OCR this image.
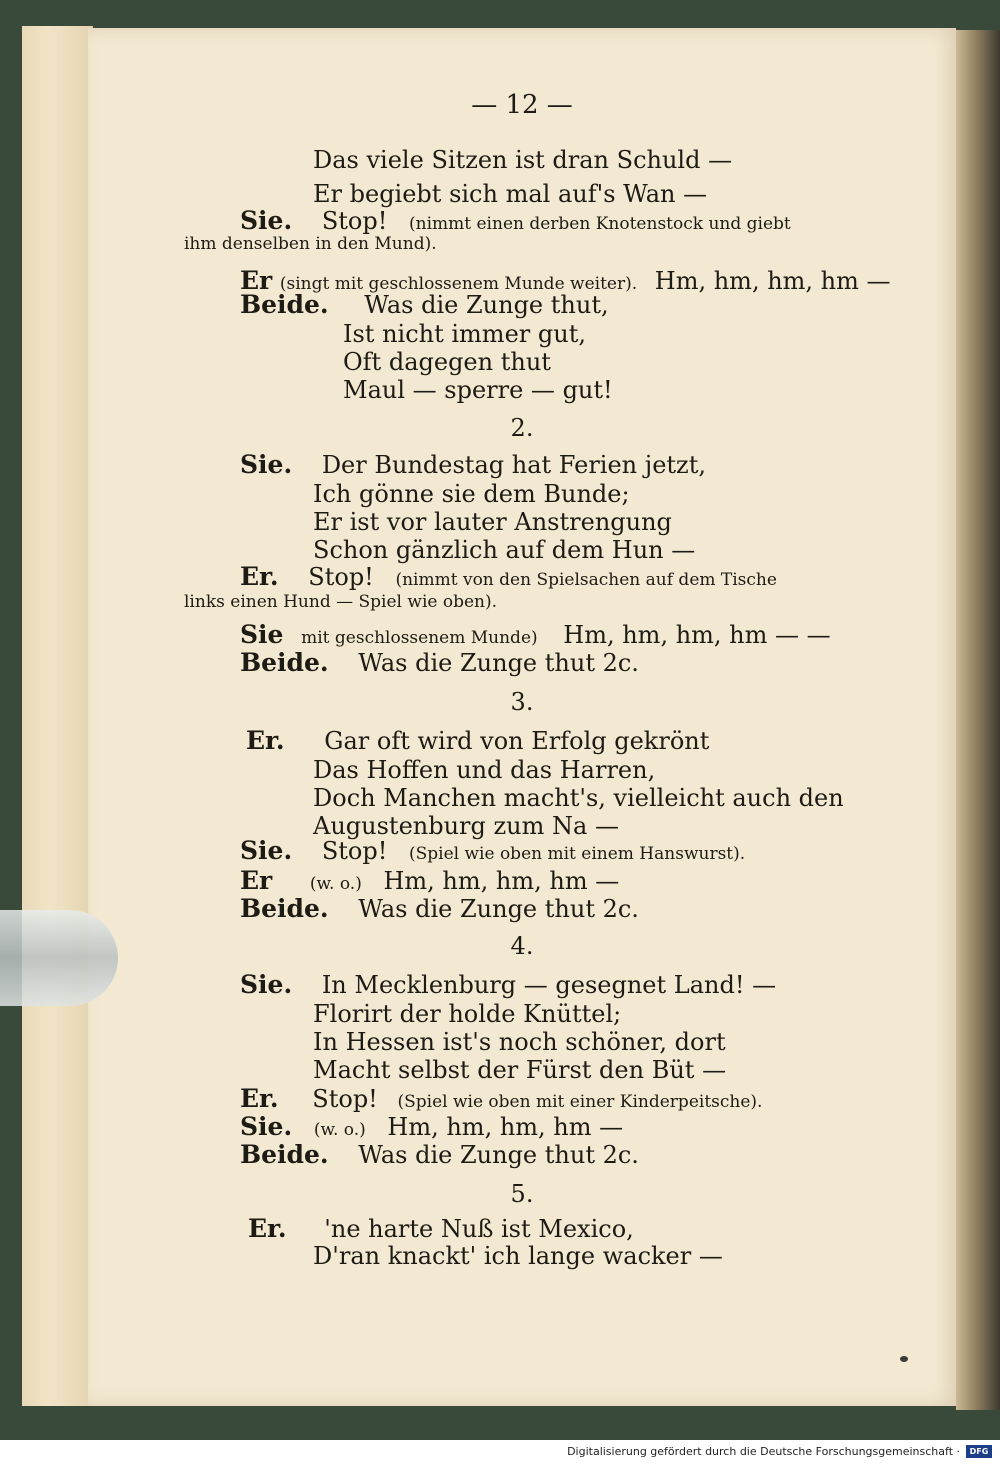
— 12 —
Das viele Sitzen ist dran Schuld —
Er begiebt sich mal auf's Wan —
Sie. Stop! (nimmt einen derben Knotenstock und giebt
ihm denselben in den Mund).
Er (singt mit geschlossenem Munde weiter). Hm, hm, hm, hm —
Beide. Was die Zunge thut,
Ist nicht immer gut,
Oft dagegen thut
Maul — sperre — gut!
2.
Sie. Der Bundestag hat Ferien jetzt,
Ich gönne sie dem Bunde;
Er ist vor lauter Anstrengung
Schon gänzlich auf dem Hun —
Er. Stop! (nimmt von den Spielsachen auf dem Tische
links einen Hund — Spiel wie oben).
Sie mit geschlossenem Munde) Hm, hm, hm, hm — —
Beide. Was die Zunge thut 2c.
3.
Er. Gar oft wird von Erfolg gekrönt
Das Hoffen und das Harren,
Doch Manchen macht's, vielleicht auch den
Augustenburg zum Na —
Sie. Stop! (Spiel wie oben mit einem Hanswurst).
Er (w. o.) Hm, hm, hm, hm —
Beide. Was die Zunge thut 2c.
4.
Sie. In Mecklenburg — gesegnet Land! —
Florirt der holde Knüttel;
In Hessen ist's noch schöner, dort
Macht selbst der Fürst den Büt —
Er. Stop! (Spiel wie oben mit einer Kinderpeitsche).
Sie. (w. o.) Hm, hm, hm, hm —
Beide. Was die Zunge thut 2c.
5.
Er. 'ne harte Nuß ist Mexico,
D'ran knackt' ich lange wacker —
Digitalisierung gefördert durch die Deutsche Forschungsgemeinschaft ·	DFG
